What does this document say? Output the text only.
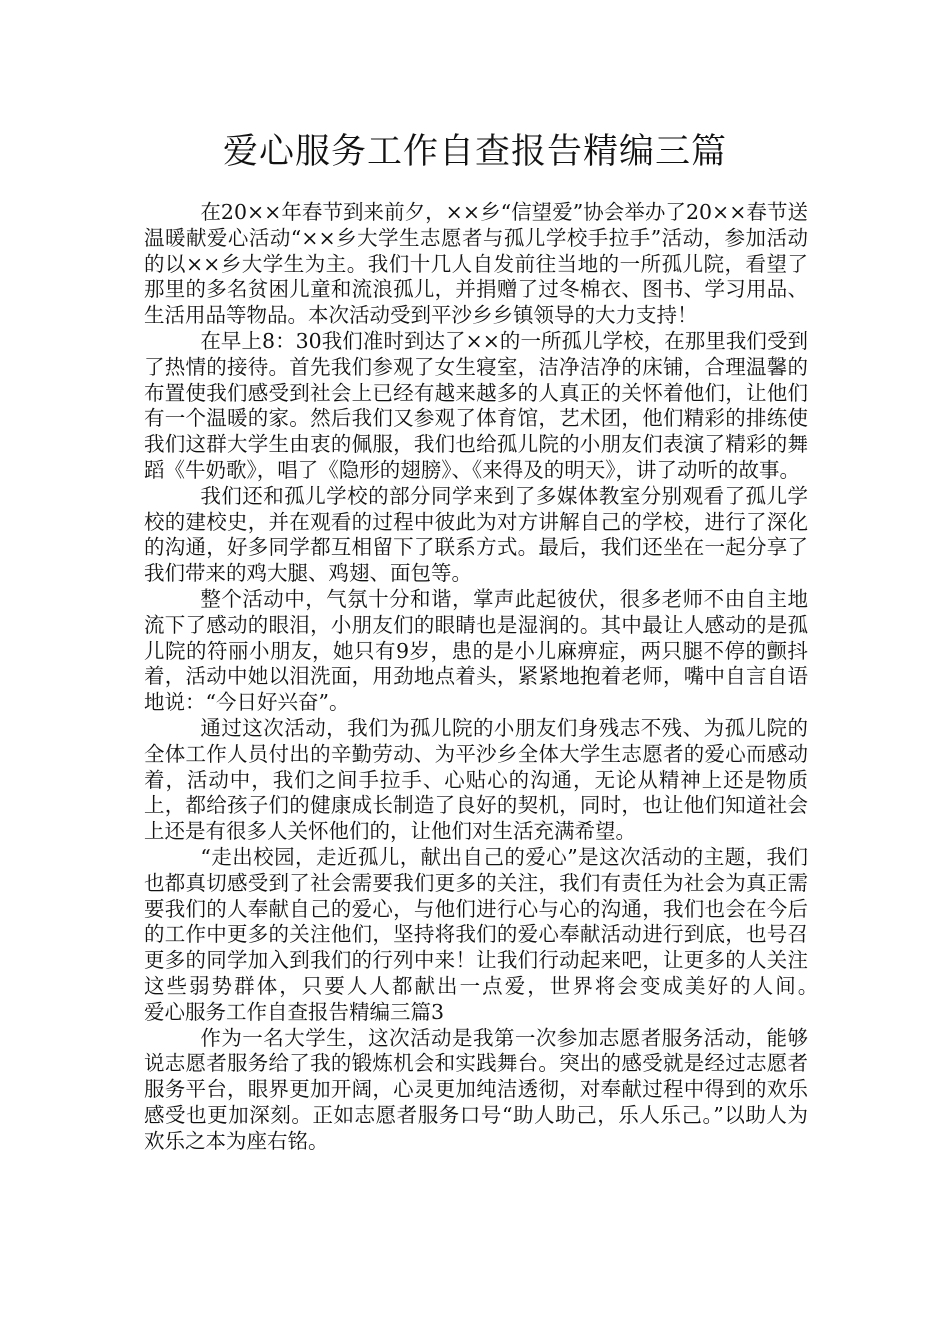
爱心服务工作自查报告精编三篇

在20××年春节到来前夕，××乡“信望爱”协会举办了20××春节送温暖献爱心活动“××乡大学生志愿者与孤儿学校手拉手”活动，参加活动的以××乡大学生为主。我们十几人自发前往当地的一所孤儿院，看望了那里的多名贫困儿童和流浪孤儿，并捐赠了过冬棉衣、图书、学习用品、生活用品等物品。本次活动受到平沙乡乡镇领导的大力支持！

在早上8：30我们准时到达了××的一所孤儿学校，在那里我们受到了热情的接待。首先我们参观了女生寝室，洁净洁净的床铺，合理温馨的布置使我们感受到社会上已经有越来越多的人真正的关怀着他们，让他们有一个温暖的家。然后我们又参观了体育馆，艺术团，他们精彩的排练使我们这群大学生由衷的佩服，我们也给孤儿院的小朋友们表演了精彩的舞蹈《牛奶歌》，唱了《隐形的翅膀》、《来得及的明天》，讲了动听的故事。

我们还和孤儿学校的部分同学来到了多媒体教室分别观看了孤儿学校的建校史，并在观看的过程中彼此为对方讲解自己的学校，进行了深化的沟通，好多同学都互相留下了联系方式。最后，我们还坐在一起分享了我们带来的鸡大腿、鸡翅、面包等。

整个活动中，气氛十分和谐，掌声此起彼伏，很多老师不由自主地流下了感动的眼泪，小朋友们的眼睛也是湿润的。其中最让人感动的是孤儿院的符丽小朋友，她只有9岁，患的是小儿麻痹症，两只腿不停的颤抖着，活动中她以泪洗面，用劲地点着头，紧紧地抱着老师，嘴中自言自语地说：“今日好兴奋”。

通过这次活动，我们为孤儿院的小朋友们身残志不残、为孤儿院的全体工作人员付出的辛勤劳动、为平沙乡全体大学生志愿者的爱心而感动着，活动中，我们之间手拉手、心贴心的沟通，无论从精神上还是物质上，都给孩子们的健康成长制造了良好的契机，同时，也让他们知道社会上还是有很多人关怀他们的，让他们对生活充满希望。

“走出校园，走近孤儿，献出自己的爱心”是这次活动的主题，我们也都真切感受到了社会需要我们更多的关注，我们有责任为社会为真正需要我们的人奉献自己的爱心，与他们进行心与心的沟通，我们也会在今后的工作中更多的关注他们，坚持将我们的爱心奉献活动进行到底，也号召更多的同学加入到我们的行列中来！让我们行动起来吧，让更多的人关注这些弱势群体，只要人人都献出一点爱，世界将会变成美好的人间。　　爱心服务工作自查报告精编三篇3

作为一名大学生，这次活动是我第一次参加志愿者服务活动，能够说志愿者服务给了我的锻炼机会和实践舞台。突出的感受就是经过志愿者服务平台，眼界更加开阔，心灵更加纯洁透彻，对奉献过程中得到的欢乐感受也更加深刻。正如志愿者服务口号“助人助己，乐人乐己。”以助人为欢乐之本为座右铭。
